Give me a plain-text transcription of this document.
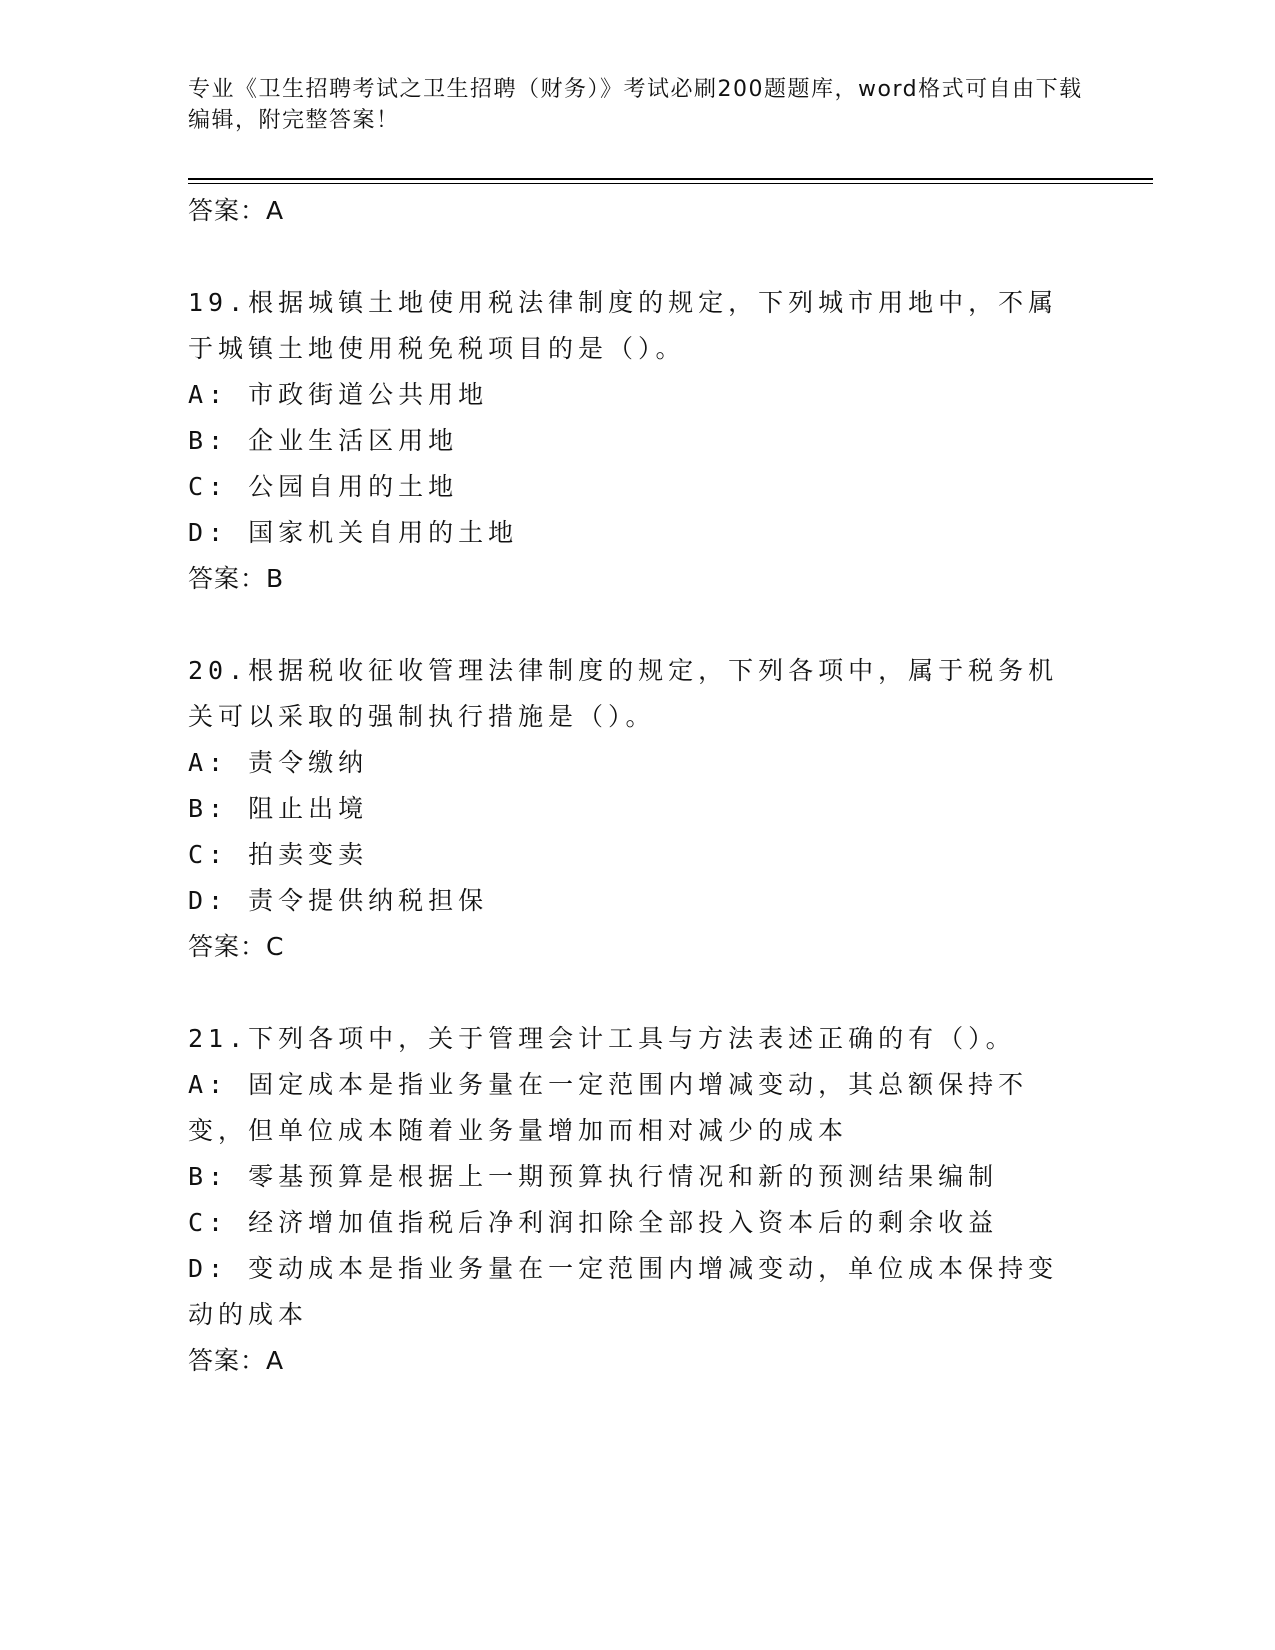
专业《卫生招聘考试之卫生招聘（财务）》考试必刷200题题库，word格式可自由下载编辑，附完整答案！
答案：A
19.根据城镇土地使用税法律制度的规定，下列城市用地中，不属于城镇土地使用税免税项目的是（）。
A: 市政街道公共用地
B: 企业生活区用地
C: 公园自用的土地
D: 国家机关自用的土地
答案：B
20.根据税收征收管理法律制度的规定，下列各项中，属于税务机关可以采取的强制执行措施是（）。
A: 责令缴纳
B: 阻止出境
C: 拍卖变卖
D: 责令提供纳税担保
答案：C
21.下列各项中，关于管理会计工具与方法表述正确的有（）。
A: 固定成本是指业务量在一定范围内增减变动，其总额保持不变，但单位成本随着业务量增加而相对减少的成本
B: 零基预算是根据上一期预算执行情况和新的预测结果编制
C: 经济增加值指税后净利润扣除全部投入资本后的剩余收益
D: 变动成本是指业务量在一定范围内增减变动，单位成本保持变动的成本
答案：A
